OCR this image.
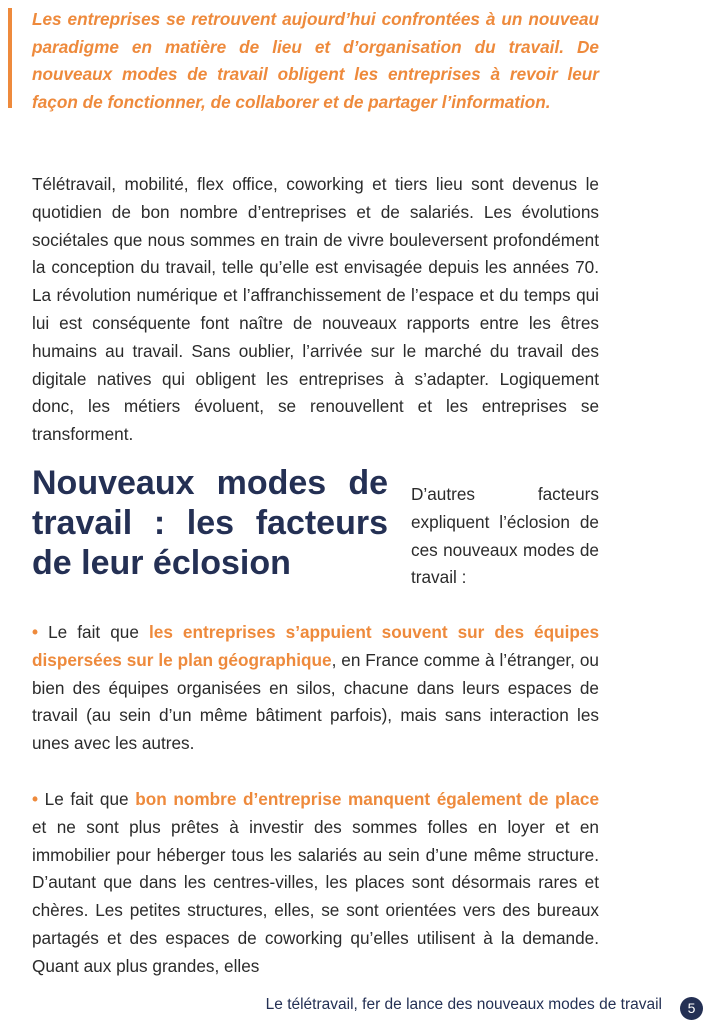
Les entreprises se retrouvent aujourd’hui confrontées à un nouveau paradigme en matière de lieu et d’organisation du travail. De nouveaux modes de travail obligent les entreprises à revoir leur façon de fonctionner, de collaborer et de partager l’information.

Télétravail, mobilité, flex office, coworking et tiers lieu sont devenus le quotidien de bon nombre d’entreprises et de salariés. Les évolutions sociétales que nous sommes en train de vivre bouleversent profondément la conception du travail, telle qu’elle est envisagée depuis les années 70. La révolution numérique et l’affranchissement de l’espace et du temps qui lui est conséquente font naître de nouveaux rapports entre les êtres humains au travail. Sans oublier, l’arrivée sur le marché du travail des digitale natives qui obligent les entreprises à s’adapter. Logiquement donc, les métiers évoluent, se renouvellent et les entreprises se transforment.

Nouveaux modes de travail : les facteurs de leur éclosion

D’autres facteurs expliquent l’éclosion de ces nouveaux modes de travail :

• Le fait que les entreprises s’appuient souvent sur des équipes dispersées sur le plan géographique, en France comme à l’étranger, ou bien des équipes organisées en silos, chacune dans leurs espaces de travail (au sein d’un même bâtiment parfois), mais sans interaction les unes avec les autres.

• Le fait que bon nombre d’entreprise manquent également de place et ne sont plus prêtes à investir des sommes folles en loyer et en immobilier pour héberger tous les salariés au sein d’une même structure. D’autant que dans les centres-villes, les places sont désormais rares et chères. Les petites structures, elles, se sont orientées vers des bureaux partagés et des espaces de coworking qu’elles utilisent à la demande. Quant aux plus grandes, elles

Le télétravail, fer de lance des nouveaux modes de travail	5
